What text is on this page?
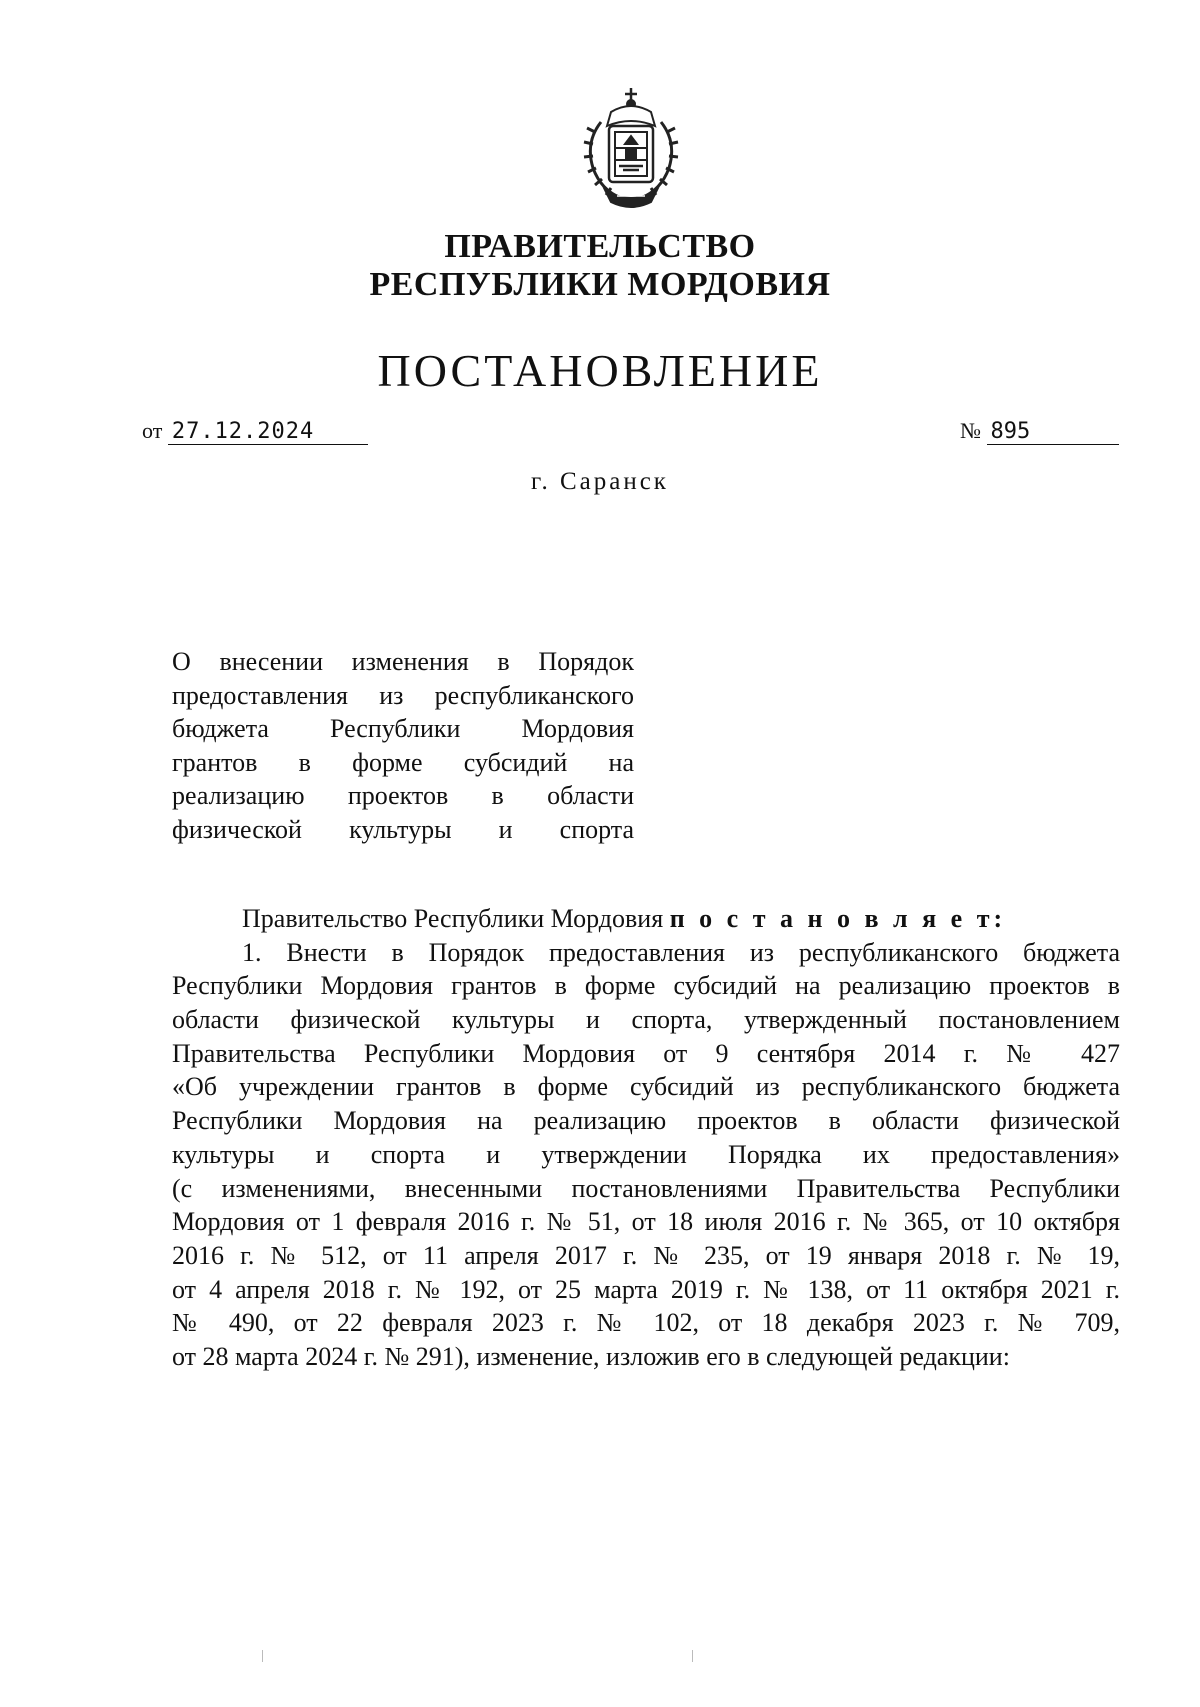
ПРАВИТЕЛЬСТВО
РЕСПУБЛИКИ МОРДОВИЯ
ПОСТАНОВЛЕНИЕ
от 27.12.2024	№ 895
г. Саранск
О внесении изменения в Порядок
предоставления из республиканского
бюджета Республики Мордовия
грантов в форме субсидий на
реализацию проектов в области
физической культуры и спорта
Правительство Республики Мордовия п о с т а н о в л я е т:
1. Внести в Порядок предоставления из республиканского бюджета
Республики Мордовия грантов в форме субсидий на реализацию проектов в
области физической культуры и спорта, утвержденный постановлением
Правительства Республики Мордовия от 9 сентября 2014 г. № 427
«Об учреждении грантов в форме субсидий из республиканского бюджета
Республики Мордовия на реализацию проектов в области физической
культуры и спорта и утверждении Порядка их предоставления»
(с изменениями, внесенными постановлениями Правительства Республики
Мордовия от 1 февраля 2016 г. № 51, от 18 июля 2016 г. № 365, от 10 октября
2016 г. № 512, от 11 апреля 2017 г. № 235, от 19 января 2018 г. № 19,
от 4 апреля 2018 г. № 192, от 25 марта 2019 г. № 138, от 11 октября 2021 г.
№ 490, от 22 февраля 2023 г. № 102, от 18 декабря 2023 г. № 709,
от 28 марта 2024 г. № 291), изменение, изложив его в следующей редакции:
